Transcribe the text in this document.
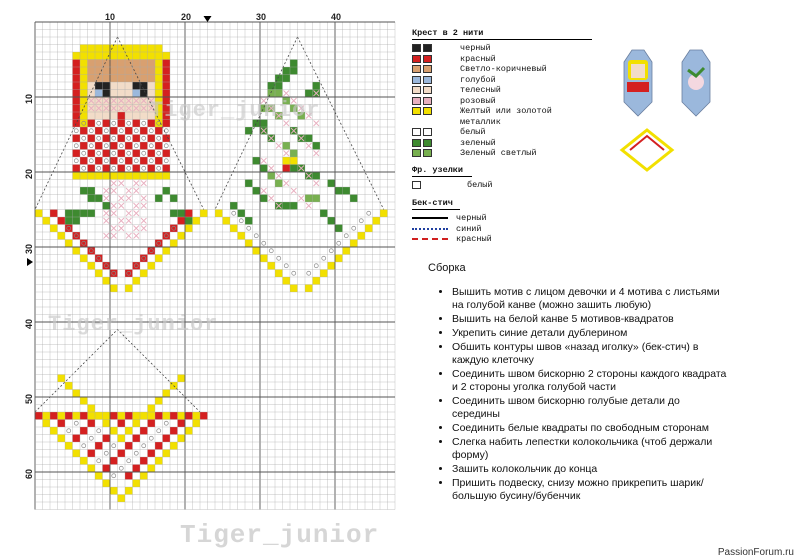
10	20	30	40
10
20
30
40
50
60
Tiger_junior
Tiger_junior
Tiger_junior
PassionForum.ru
Крест в 2 нити
черный
красный
Светло-коричневый
голубой
телесный
розовый
Желтый или золотой
металлик
белый
зеленый
Зеленый светлый
Фр. узелки
белый
Бек-стич
черный
синий
красный
Сборка
• Вышить мотив с лицом девочки и 4 мотива с листьями на голубой канве (можно зашить любую)
• Вышить на белой канве 5 мотивов-квадратов
• Укрепить синие детали дублерином
• Обшить контуры швов «назад иголку» (бек-стич) в каждую клеточку
• Соединить швом бискорню 2 стороны каждого квадрата и 2 стороны уголка голубой части
• Соединить швом бискорню голубые детали до середины
• Соединить белые квадраты по свободным сторонам
• Слегка набить лепестки колокольчика (чтоб держали форму)
• Зашить колокольчик до конца
• Пришить подвеску, снизу можно прикрепить шарик/большую бусину/бубенчик
